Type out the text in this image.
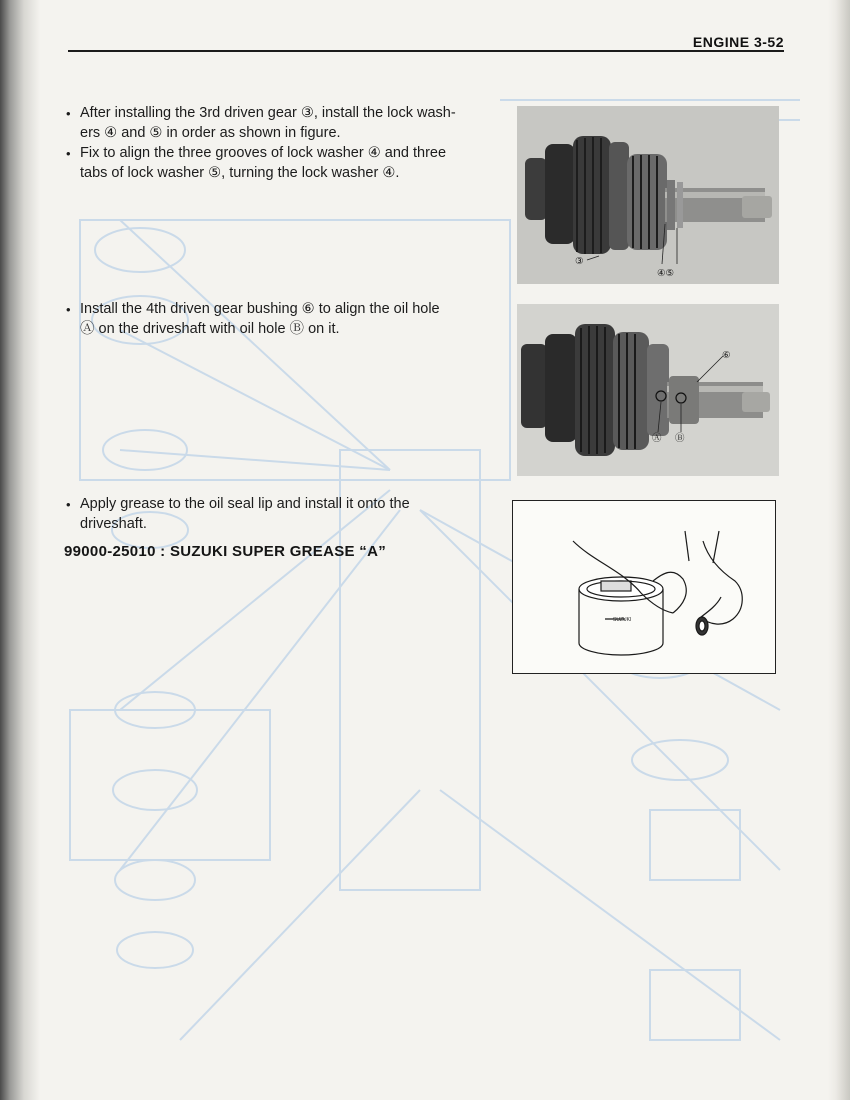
ENGINE 3-52
• After installing the 3rd driven gear ③, install the lock wash-
ers ④ and ⑤ in order as shown in figure.
• Fix to align the three grooves of lock washer ④ and three
tabs of lock washer ⑤, turning the lock washer ④.
• Install the 4th driven gear bushing ⑥ to align the oil hole
Ⓐ on the driveshaft with oil hole Ⓑ on it.
• Apply grease to the oil seal lip and install it onto the
driveshaft.
99000-25010 : SUZUKI SUPER GREASE “A”
③
④⑤
⑥
Ⓐ Ⓑ
SUZUKI
